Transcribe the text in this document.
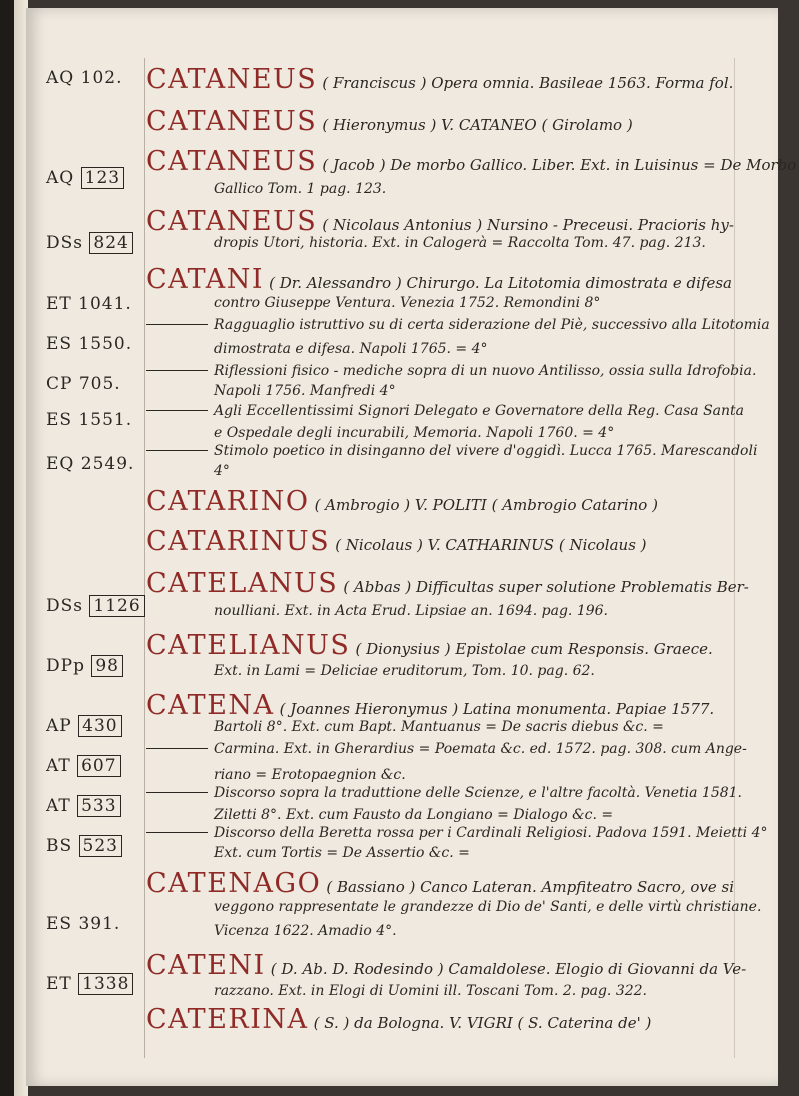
AQ 102.
AQ 123
DSs 824
ET 1041.
ES 1550.
CP 705.
ES 1551.
EQ 2549.
DSs 1126
DPp 98
AP 430
AT 607
AT 533
BS 523
ES 391.
ET 1338
CATANEUS ( Franciscus ) Opera omnia. Basileae 1563. Forma fol.
CATANEUS ( Hieronymus ) V. CATANEO ( Girolamo )
CATANEUS ( Jacob ) De morbo Gallico. Liber. Ext. in Luisinus = De Morbo
Gallico Tom. 1 pag. 123.
CATANEUS ( Nicolaus Antonius ) Nursino - Preceusi. Pracioris hy-
dropis Utori, historia. Ext. in Calogerà = Raccolta Tom. 47. pag. 213.
CATANI ( Dr. Alessandro ) Chirurgo. La Litotomia dimostrata e difesa
contro Giuseppe Ventura. Venezia 1752. Remondini 8°
Ragguaglio istruttivo su di certa siderazione del Piè, successivo alla Litotomia
dimostrata e difesa. Napoli 1765. = 4°
Riflessioni fisico - mediche sopra di un nuovo Antilisso, ossia sulla Idrofobia.
Napoli 1756. Manfredi 4°
Agli Eccellentissimi Signori Delegato e Governatore della Reg. Casa Santa
e Ospedale degli incurabili, Memoria. Napoli 1760. = 4°
Stimolo poetico in disinganno del vivere d'oggidì. Lucca 1765. Marescandoli
4°
CATARINO ( Ambrogio ) V. POLITI ( Ambrogio Catarino )
CATARINUS ( Nicolaus ) V. CATHARINUS ( Nicolaus )
CATELANUS ( Abbas ) Difficultas super solutione Problematis Ber-
noulliani. Ext. in Acta Erud. Lipsiae an. 1694. pag. 196.
CATELIANUS ( Dionysius ) Epistolae cum Responsis. Graece.
Ext. in Lami = Deliciae eruditorum, Tom. 10. pag. 62.
CATENA ( Joannes Hieronymus ) Latina monumenta. Papiae 1577.
Bartoli 8°. Ext. cum Bapt. Mantuanus = De sacris diebus &c. =
Carmina. Ext. in Gherardius = Poemata &c. ed. 1572. pag. 308. cum Ange-
riano = Erotopaegnion &c.
Discorso sopra la traduttione delle Scienze, e l'altre facoltà. Venetia 1581.
Ziletti 8°. Ext. cum Fausto da Longiano = Dialogo &c. =
Discorso della Beretta rossa per i Cardinali Religiosi. Padova 1591. Meietti 4°
Ext. cum Tortis = De Assertio &c. =
CATENAGO ( Bassiano ) Canco Lateran. Ampfiteatro Sacro, ove si
veggono rappresentate le grandezze di Dio de' Santi, e delle virtù christiane.
Vicenza 1622. Amadio 4°.
CATENI ( D. Ab. D. Rodesindo ) Camaldolese. Elogio di Giovanni da Ve-
razzano. Ext. in Elogi di Uomini ill. Toscani Tom. 2. pag. 322.
CATERINA ( S. ) da Bologna. V. VIGRI ( S. Caterina de' )
